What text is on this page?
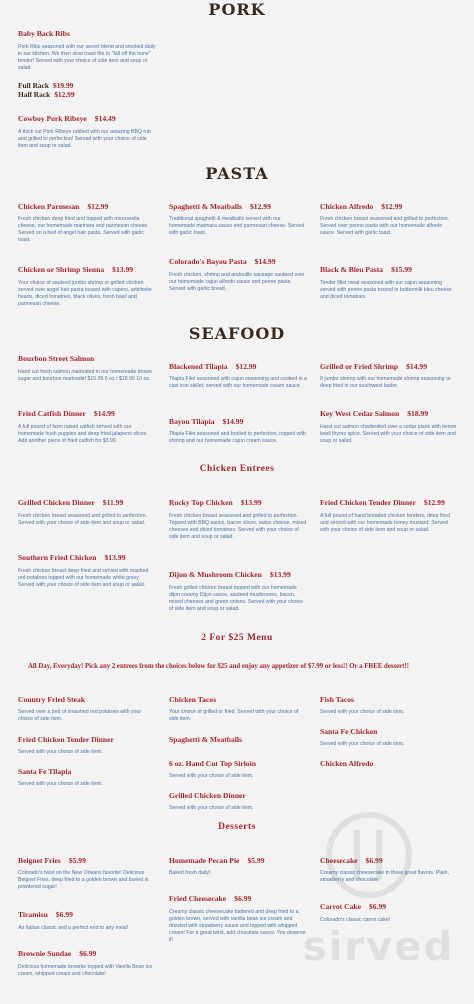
PORK
Baby Back Ribs
Pork Ribs seasoned with our secret blend and smoked daily in our kitchen. We then slow roast the to "fall off the bone" tender! Served with your choice of side item and soup or salad.
Full Rack $19.99
Half Rack $12.99
Cowboy Pork Ribeye $14.49
A thick cut Pork Ribeye rubbed with our amazing BBQ rub and grilled to perfection! Served with your choice of side item and soup or salad.
PASTA
Chicken Parmesan $12.99
Fresh chicken deep fried and topped with mozzarella cheese, our homemade marinara and parmesan cheese. Served on a bed of angel hair pasta. Served with garlic toast.
Spaghetti & Meatballs $12.99
Traditional spaghetti & meatballs served with our homemade marinara sauce and parmesan cheese. Served with garlic toast.
Chicken Alfredo $12.99
Fresh chicken breast seasoned and grilled to perfection. Served over penne pasta with our homemade alfredo sauce. Served with garlic toast.
Chicken or Shrimp Sienna $13.99
Your choice of sauteed jumbo shrimp or grilled chicken served over angel hair pasta tossed with capers, artichoke hearts, diced tomatoes, black olives, fresh basil and parmesan cheese.
Colorado's Bayou Pasta $14.99
Fresh chicken, shrimp and andouille sausage sauteed over our homemade cajun alfredo sauce and penne pasta. Served with garlic bread.
Black & Bleu Pasta $15.99
Tender fillet meat seasoned with our cajun seasoning served with penne pasta tossed in buttermilk bleu cheese and diced tomatoes.
SEAFOOD
Bourbon Street Salmon
Hand cut fresh salmon marinated in our homemade brown sugar and bourbon marinade! $15.99 6 oz / $18.99 10 oz.
Blackened Tilapia $12.99
Tilapia Filet seasoned with cajun seasoning and cooked in a cast iron skillet, served with our homemade cream sauce.
Grilled or Fried Shrimp $14.99
8 jumbo shrimp with our homemade shrimp seasoning or deep fried in our southwest batter.
Fried Catfish Dinner $14.99
A full pound of farm raised catfish served with our homemade hush puppies and deep fried jalapeno slices. Add another piece of fried catfish for $3.99
Bayou Tilapia $14.99
Tilapia Filet seasoned and broiled to perfection, topped with shrimp and our homemade cajun cream sauce.
Key West Cedar Salmon $18.99
Hand cut salmon charbroiled over a cedar plank with lemon basil thyme spice. Served with your choice of side item and soup or salad.
Chicken Entrees
Grilled Chicken Dinner $11.99
Fresh chicken breast seasoned and grilled to perfection. Served with your choice of side item and soup or salad.
Rocky Top Chicken $13.99
Fresh chicken breast seasoned and grilled to perfection. Topped with BBQ sauce, bacon slices, swiss cheese, mixed cheeses and diced tomatoes. Served with your choice of side item and soup or salad.
Fried Chicken Tender Dinner $12.99
A full pound of hand breaded chicken tenders, deep fried and served with our homemade honey mustard. Served with your choice of side item and soup or salad.
Southern Fried Chicken $13.99
Fresh chicken breast deep fried and served with mashed red potatoes topped with our homemade white gravy. Served with your choice of side item and soup or salad.
Dijon & Mushroom Chicken $13.99
Fresh grilled chicken breast topped with our homemade dijon creamy Dijon sauce, sauteed mushrooms, bacon, mixed cheeses and green onions. Served with your choice of side item and soup or salad.
2 For $25 Menu
All Day, Everyday! Pick any 2 entrees from the choices below for $25 and enjoy any appetizer of $7.99 or less!! Or a FREE dessert!!
Country Fried Steak
Served over a bed of smashed red potatoes with your choice of side item.
Chicken Tacos
Your choice of grilled or fried. Served with your choice of side item.
Fish Tacos
Served with your choice of side item.
Fried Chicken Tender Dinner
Served with your choice of side item.
Spaghetti & Meatballs
Santa Fe Chicken
Served with your choice of side item.
Santa Fe Tilapia
Served with your choice of side item.
6 oz. Hand Cut Top Sirloin
Served with your choice of side item.
Chicken Alfredo
Grilled Chicken Dinner
Served with your choice of side item.
Desserts
Beignet Fries $5.99
Colorado's twist on the New Orleans favorite! Delicious Beignet Fries, deep fried to a golden brown and buried in powdered sugar!
Homemade Pecan Pie $5.99
Baked fresh daily!
Cheesecake $6.99
Creamy classic cheesecake in three great flavors. Plain, strawberry and chocolate.
Fried Cheesecake $6.99
Creamy classic cheesecake battered and deep fried to a golden brown, served with vanilla bean ice cream and drizzled with strawberry sauce and topped with whipped cream! For a great twist, add chocolate sauce. You deserve it!
Carrot Cake $6.99
Colorado's classic carrot cake!
Tiramisu $6.99
An Italian classic and a perfect end to any meal!
Brownie Sundae $6.99
Delicious homemade brownie topped with Vanilla Bean ice cream, whipped cream and chocolate!
sirved
